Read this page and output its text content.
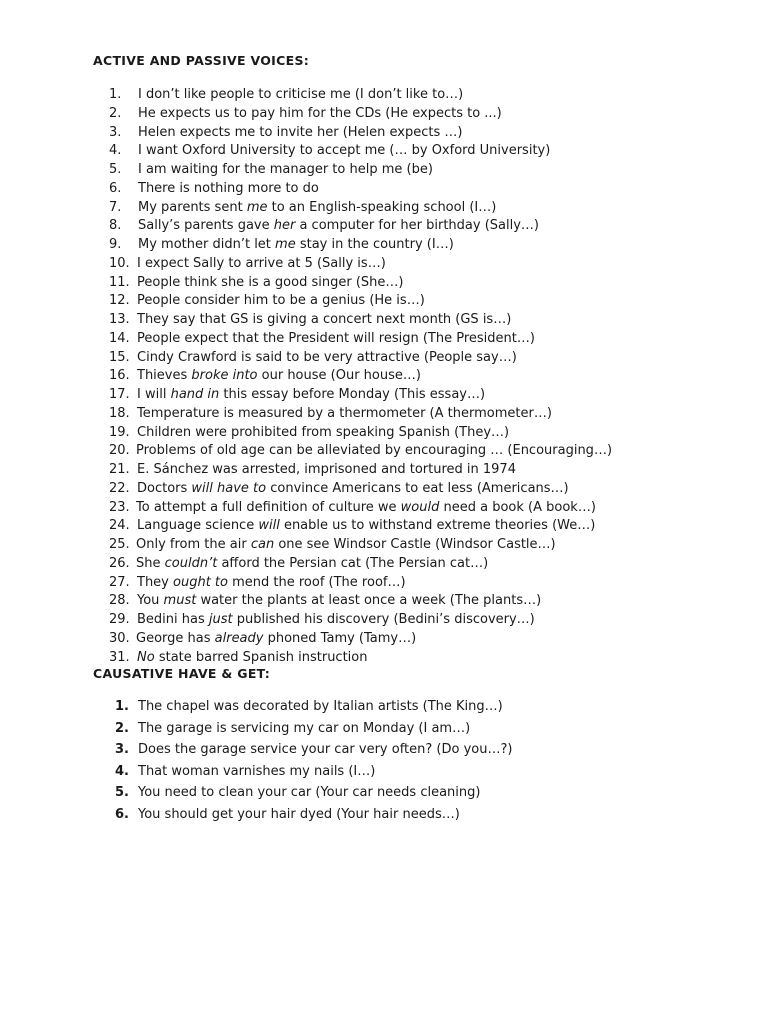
ACTIVE AND PASSIVE VOICES:
1.	I don’t like people to criticise me (I don’t like to…)
2.	He expects us to pay him for the CDs (He expects to ...)
3.	Helen expects me to invite her (Helen expects …)
4.	I want Oxford University to accept me (… by Oxford University)
5.	I am waiting for the manager to help me (be)
6.	There is nothing more to do
7.	My parents sent me to an English-speaking school (I…)
8.	Sally’s parents gave her a computer for her birthday (Sally…)
9.	My mother didn’t let me stay in the country (I…)
10. I expect Sally to arrive at 5 (Sally is…)
11. People think she is a good singer (She…)
12. People consider him to be a genius (He is…)
13. They say that GS is giving a concert next month (GS is…)
14. People expect that the President will resign (The President…)
15. Cindy Crawford is said to be very attractive (People say…)
16. Thieves broke into our house (Our house…)
17. I will hand in this essay before Monday (This essay…)
18. Temperature is measured by a thermometer (A thermometer…)
19. Children were prohibited from speaking Spanish (They…)
20. Problems of old age can be alleviated by encouraging … (Encouraging…)
21. E. Sánchez was arrested, imprisoned and tortured in 1974
22. Doctors will have to convince Americans to eat less (Americans…)
23. To attempt a full definition of culture we would need a book (A book…)
24. Language science will enable us to withstand extreme theories (We…)
25. Only from the air can one see Windsor Castle (Windsor Castle…)
26. She couldn’t afford the Persian cat (The Persian cat…)
27. They ought to mend the roof (The roof…)
28. You must water the plants at least once a week (The plants…)
29. Bedini has just published his discovery (Bedini’s discovery…)
30. George has already phoned Tamy (Tamy…)
31. No state barred Spanish instruction
CAUSATIVE HAVE & GET:
1. The chapel was decorated by Italian artists (The King…)
2. The garage is servicing my car on Monday (I am…)
3. Does the garage service your car very often? (Do you…?)
4. That woman varnishes my nails (I…)
5. You need to clean your car (Your car needs cleaning)
6. You should get your hair dyed (Your hair needs…)
